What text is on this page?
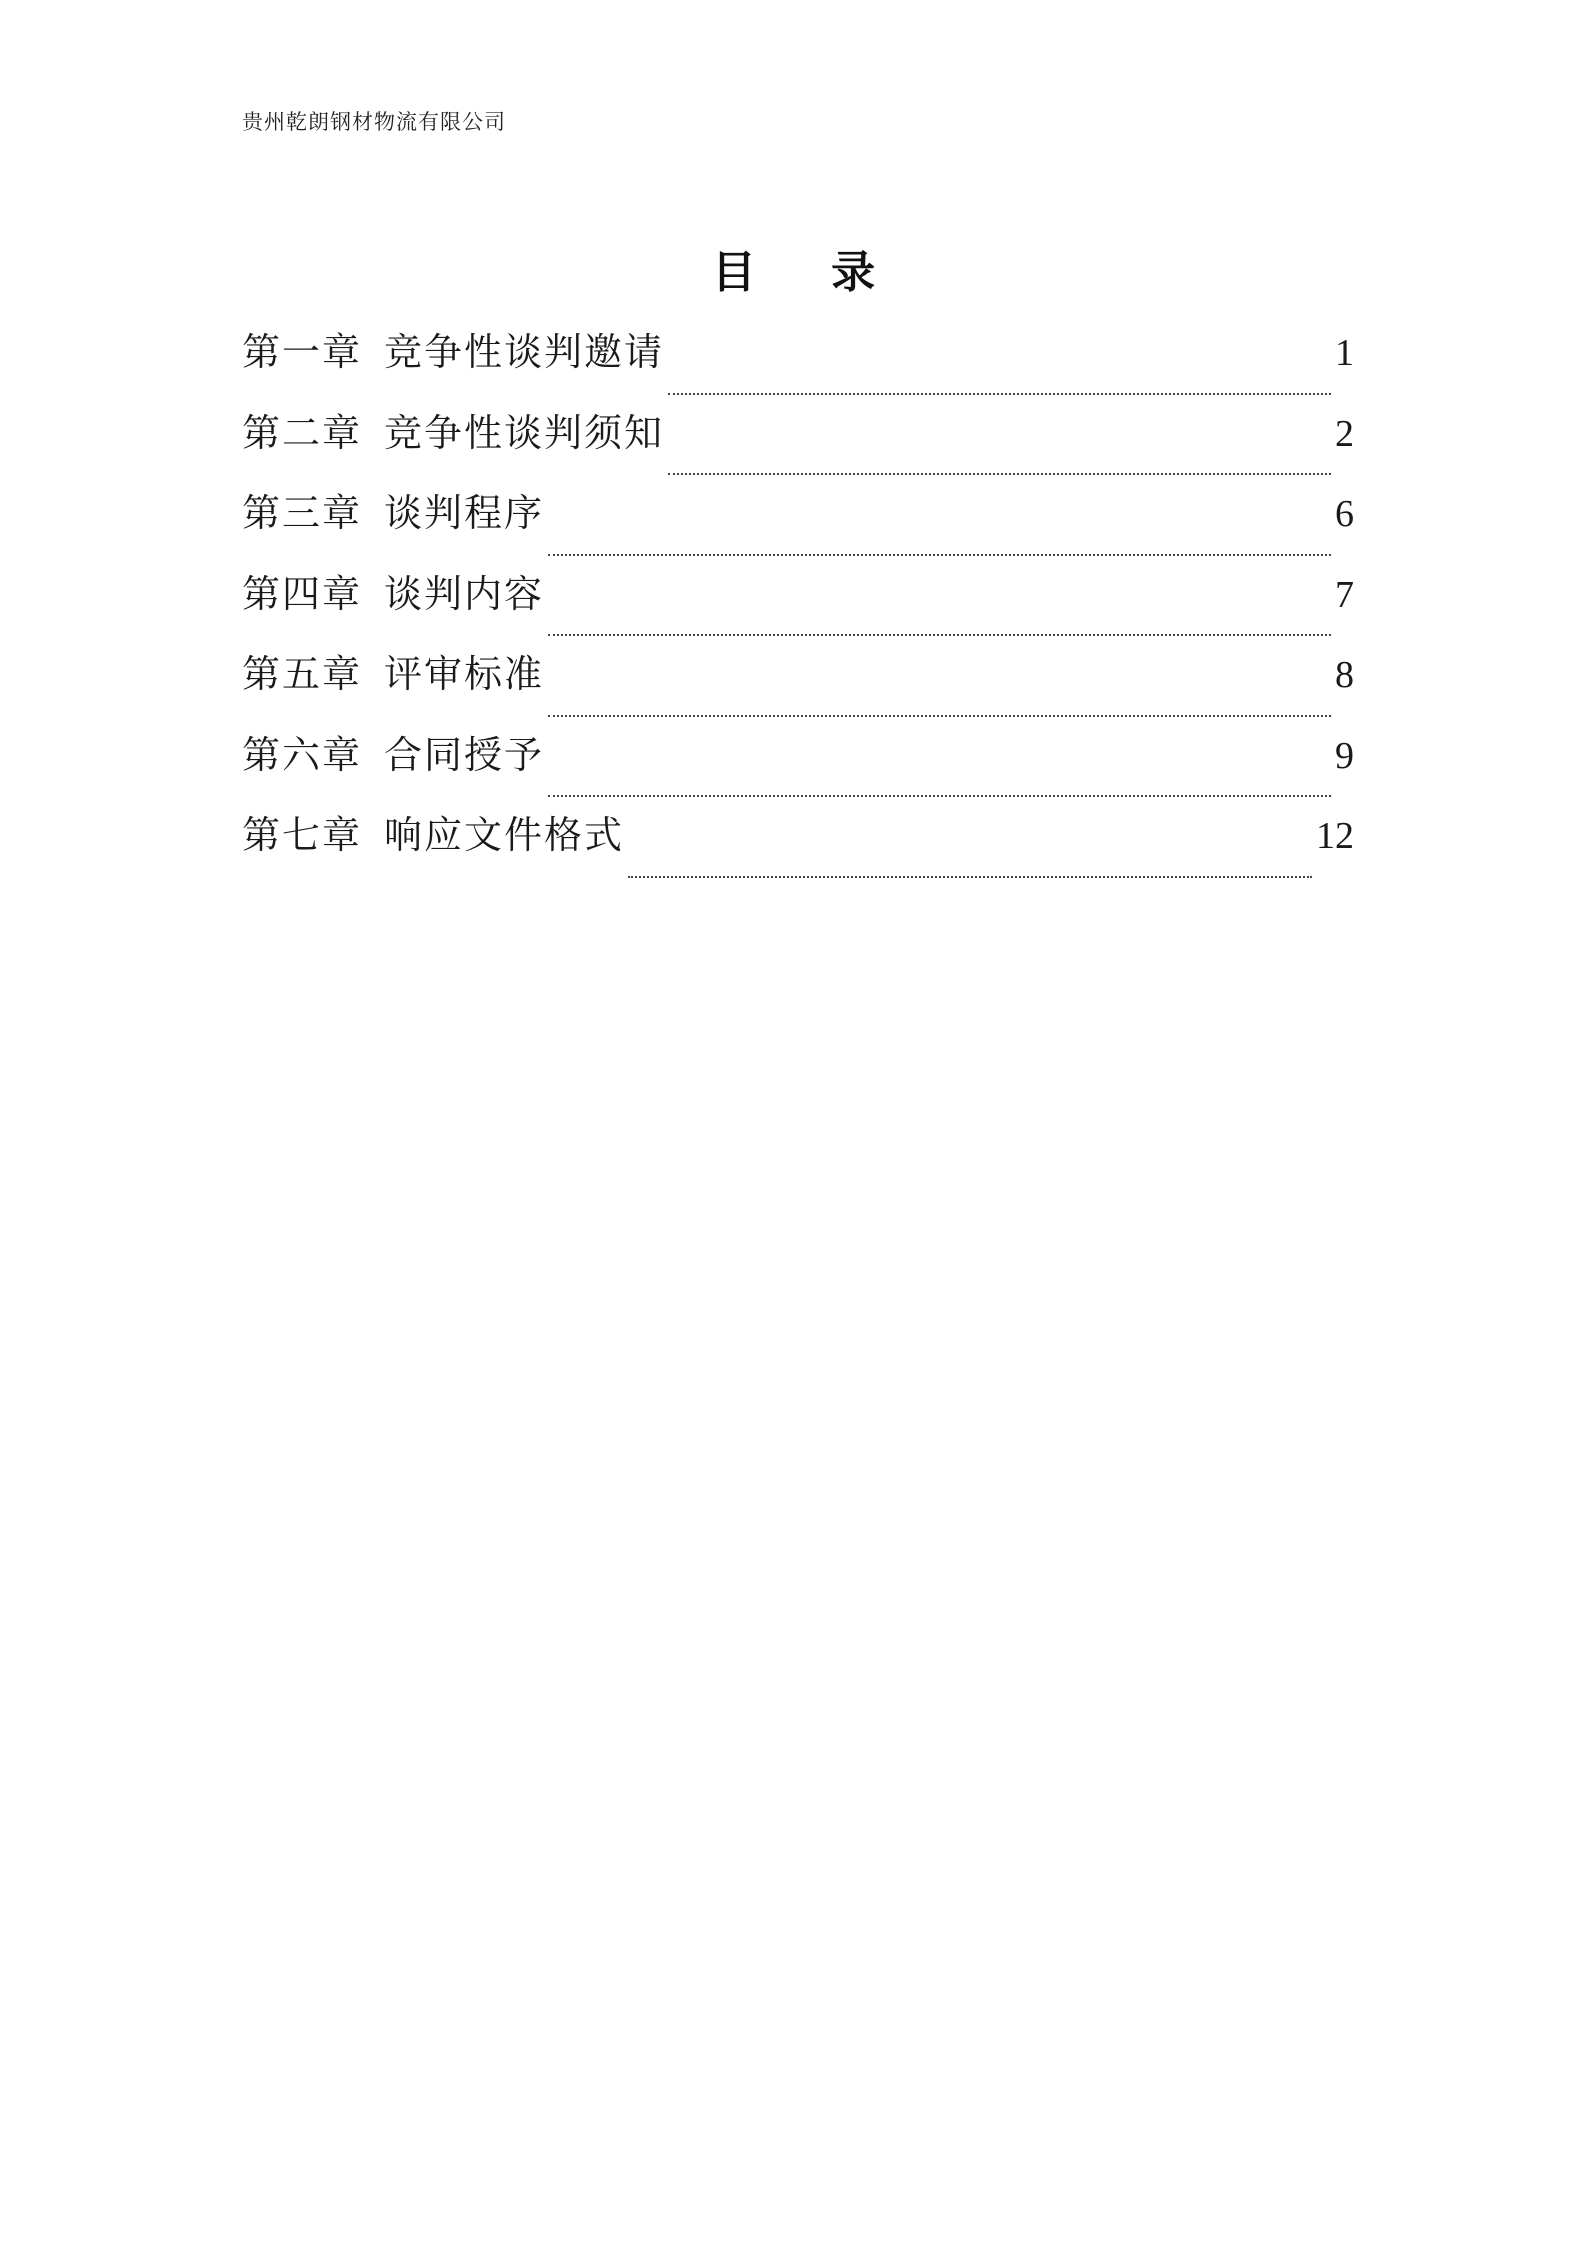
贵州乾朗钢材物流有限公司
目 录
第一章 竞争性谈判邀请	1
第二章 竞争性谈判须知	2
第三章 谈判程序	6
第四章 谈判内容	7
第五章 评审标准	8
第六章 合同授予	9
第七章 响应文件格式	12
